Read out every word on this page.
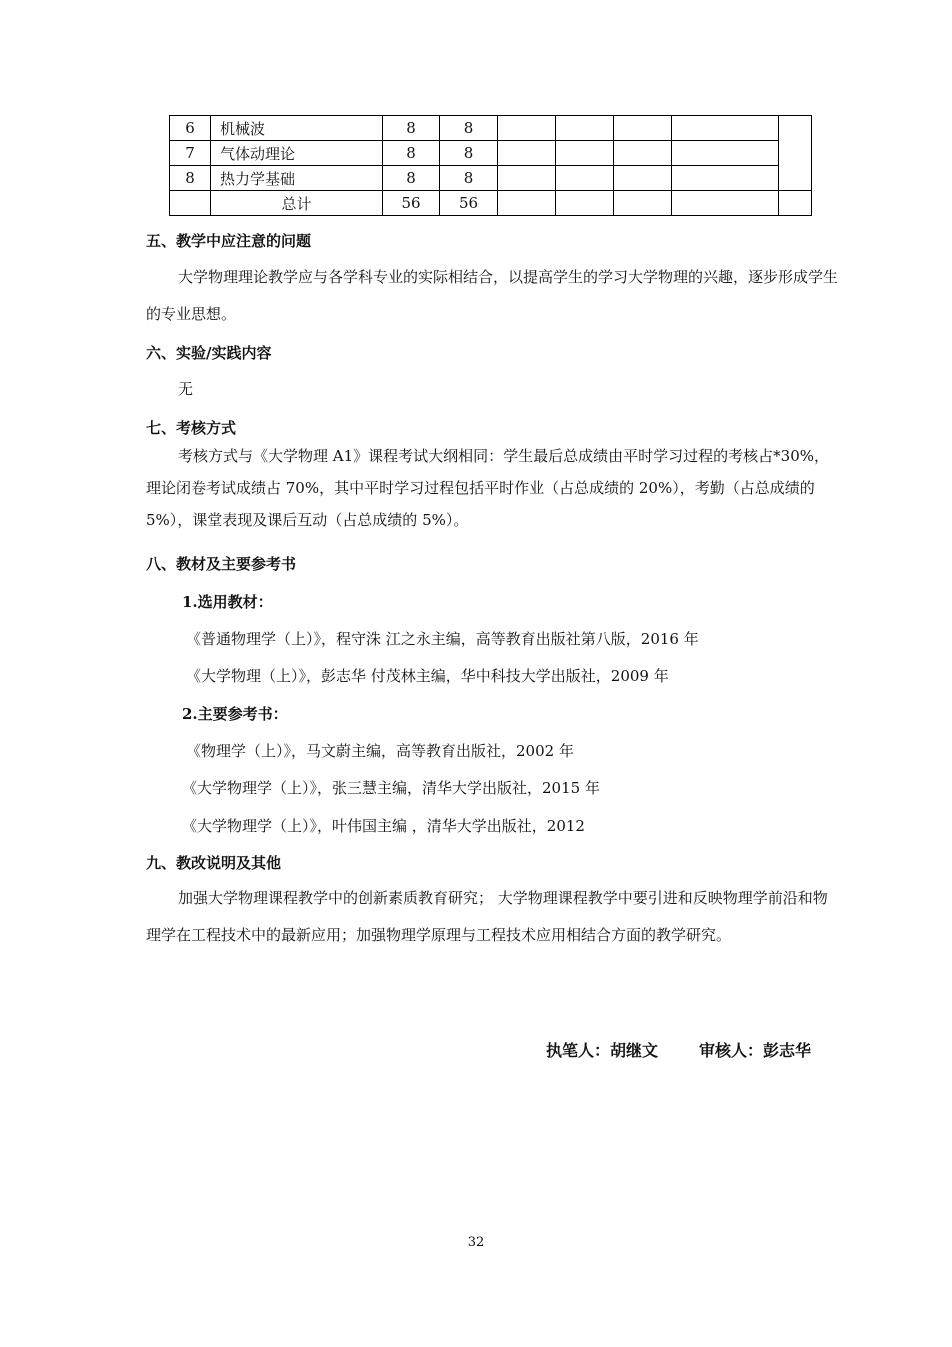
6	机械波	8	8					
7	气体动理论	8	8					
8	热力学基础	8	8					
	总计	56	56					
五、教学中应注意的问题

大学物理理论教学应与各学科专业的实际相结合，以提高学生的学习大学物理的兴趣，逐步形成学生的专业思想。

六、实验/实践内容

无

七、考核方式

考核方式与《大学物理 A1》课程考试大纲相同：学生最后总成绩由平时学习过程的考核占*30%，理论闭卷考试成绩占 70%，其中平时学习过程包括平时作业（占总成绩的 20%），考勤（占总成绩的 5%），课堂表现及课后互动（占总成绩的 5%）。

八、教材及主要参考书

1.选用教材：

《普通物理学（上）》，程守洙 江之永主编，高等教育出版社第八版，2016 年

《大学物理（上）》，彭志华 付茂林主编，华中科技大学出版社，2009 年

2.主要参考书：

《物理学（上）》，马文蔚主编，高等教育出版社，2002 年

《大学物理学（上）》，张三慧主编，清华大学出版社，2015 年

《大学物理学（上）》，叶伟国主编 ，清华大学出版社，2012

九、教改说明及其他

加强大学物理课程教学中的创新素质教育研究； 大学物理课程教学中要引进和反映物理学前沿和物理学在工程技术中的最新应用；加强物理学原理与工程技术应用相结合方面的教学研究。

执笔人：胡继文	审核人：彭志华

32
